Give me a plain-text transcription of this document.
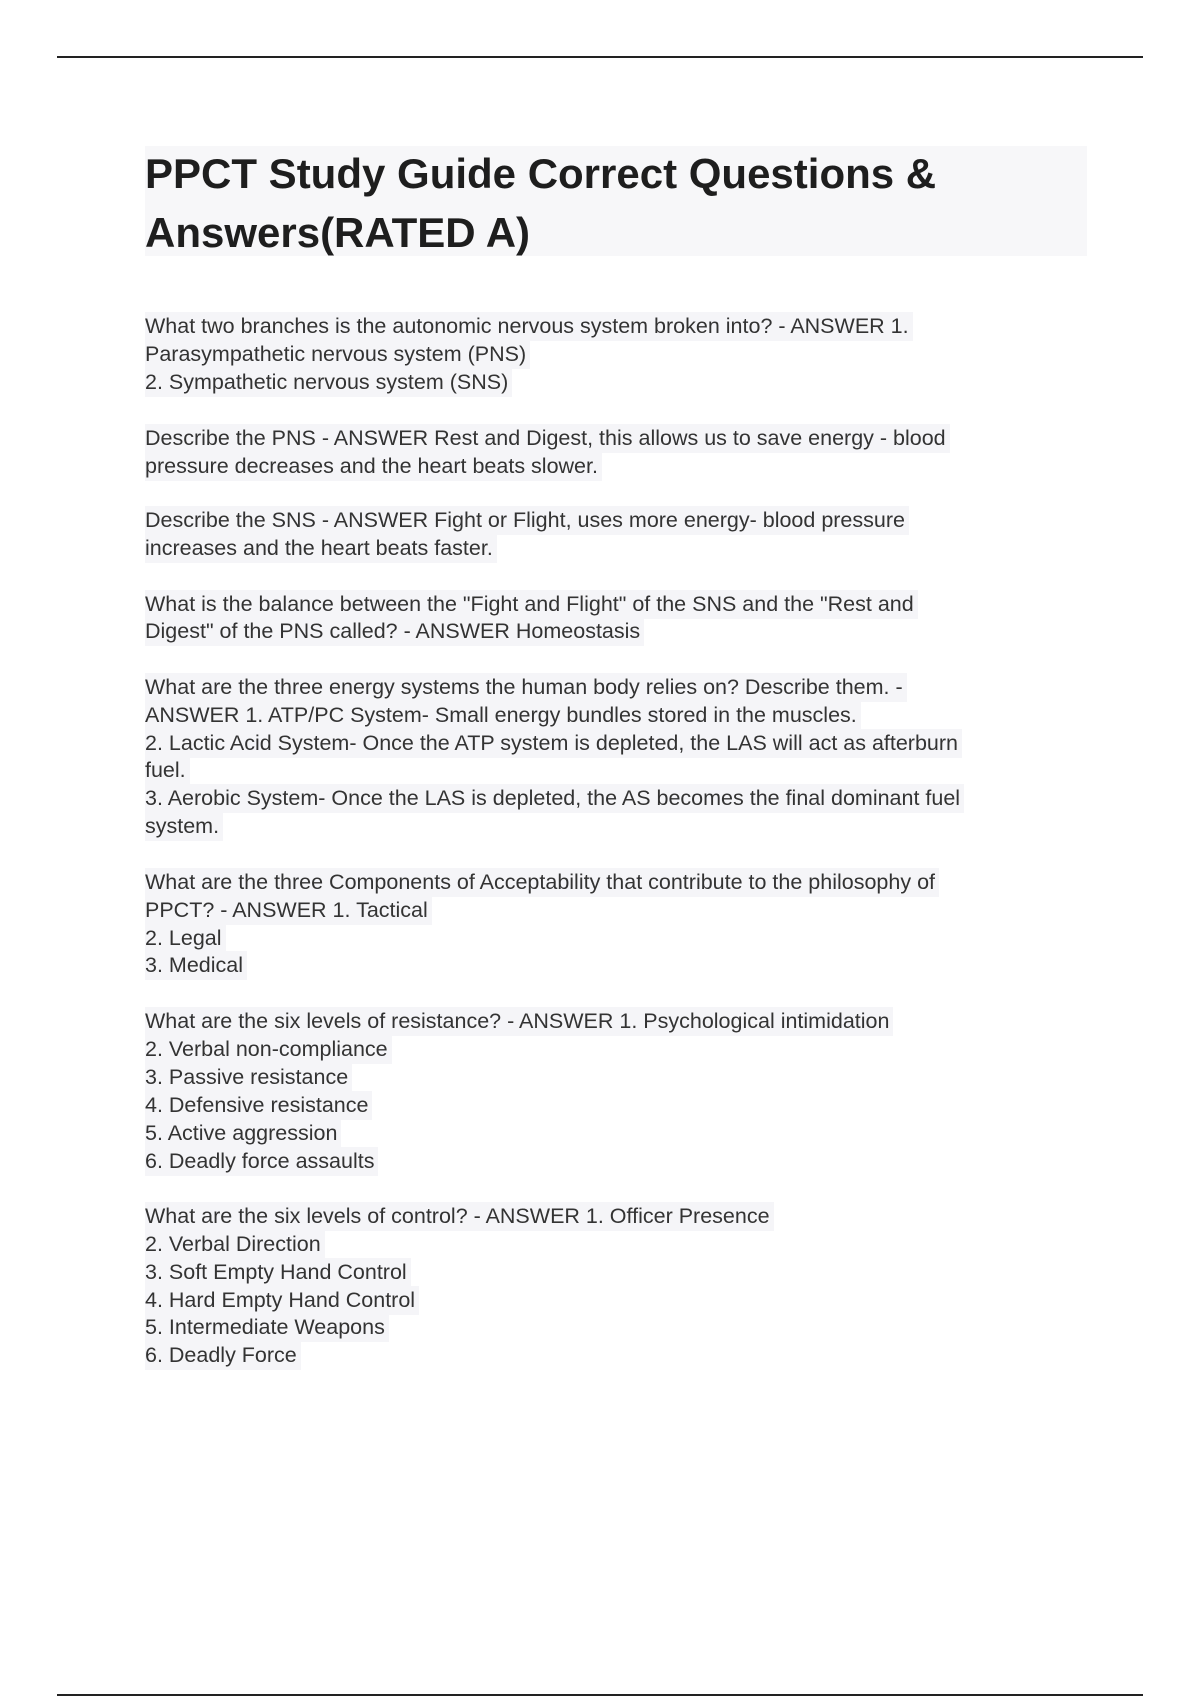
PPCT Study Guide Correct Questions &
Answers(RATED A)
What two branches is the autonomic nervous system broken into? - ANSWER 1.
Parasympathetic nervous system (PNS)
2. Sympathetic nervous system (SNS)
Describe the PNS - ANSWER Rest and Digest, this allows us to save energy - blood
pressure decreases and the heart beats slower.
Describe the SNS - ANSWER Fight or Flight, uses more energy- blood pressure
increases and the heart beats faster.
What is the balance between the "Fight and Flight" of the SNS and the "Rest and
Digest" of the PNS called? - ANSWER Homeostasis
What are the three energy systems the human body relies on? Describe them. -
ANSWER 1. ATP/PC System- Small energy bundles stored in the muscles.
2. Lactic Acid System- Once the ATP system is depleted, the LAS will act as afterburn
fuel.
3. Aerobic System- Once the LAS is depleted, the AS becomes the final dominant fuel
system.
What are the three Components of Acceptability that contribute to the philosophy of
PPCT? - ANSWER 1. Tactical
2. Legal
3. Medical
What are the six levels of resistance? - ANSWER 1. Psychological intimidation
2. Verbal non-compliance
3. Passive resistance
4. Defensive resistance
5. Active aggression
6. Deadly force assaults
What are the six levels of control? - ANSWER 1. Officer Presence
2. Verbal Direction
3. Soft Empty Hand Control
4. Hard Empty Hand Control
5. Intermediate Weapons
6. Deadly Force
